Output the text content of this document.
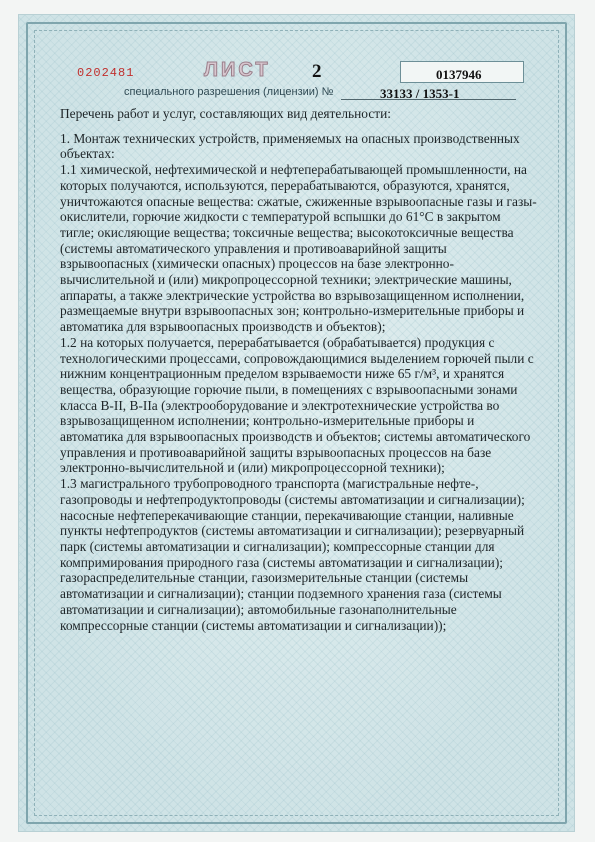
0202481	ЛИСТ 2	0137946
специального разрешения (лицензии) №	33133 / 1353-1

Перечень работ и услуг, составляющих вид деятельности:

1. Монтаж технических устройств, применяемых на опасных производственных объектах:

1.1 химической, нефтехимической и нефтеперабатывающей промышленности, на которых получаются, используются, перерабатываются, образуются, хранятся, уничтожаются опасные вещества: сжатые, сжиженные взрывоопасные газы и газы-окислители, горючие жидкости с температурой вспышки до 61°С в закрытом тигле; окисляющие вещества; токсичные вещества; высокотоксичные вещества (системы автоматического управления и противоаварийной защиты взрывоопасных (химически опасных) процессов на базе электронно-вычислительной и (или) микропроцессорной техники; электрические машины, аппараты, а также электрические устройства во взрывозащищенном исполнении, размещаемые внутри взрывоопасных зон; контрольно-измерительные приборы и автоматика для взрывоопасных производств и объектов);

1.2 на которых получается, перерабатывается (обрабатывается) продукция с технологическими процессами, сопровождающимися выделением горючей пыли с нижним концентрационным пределом взрываемости ниже 65 г/м³, и хранятся вещества, образующие горючие пыли, в помещениях с взрывоопасными зонами класса В-II, В-IIа (электрооборудование и электротехнические устройства во взрывозащищенном исполнении; контрольно-измерительные приборы и автоматика для взрывоопасных производств и объектов; системы автоматического управления и противоаварийной защиты взрывоопасных процессов на базе электронно-вычислительной и (или) микропроцессорной техники);

1.3 магистрального трубопроводного транспорта (магистральные нефте-, газопроводы и нефтепродуктопроводы (системы автоматизации и сигнализации); насосные нефтеперекачивающие станции, перекачивающие станции, наливные пункты нефтепродуктов (системы автоматизации и сигнализации); резервуарный парк (системы автоматизации и сигнализации); компрессорные станции для компримирования природного газа (системы автоматизации и сигнализации); газораспределительные станции, газоизмерительные станции (системы автоматизации и сигнализации); станции подземного хранения газа (системы автоматизации и сигнализации); автомобильные газонаполнительные компрессорные станции (системы автоматизации и сигнализации));
